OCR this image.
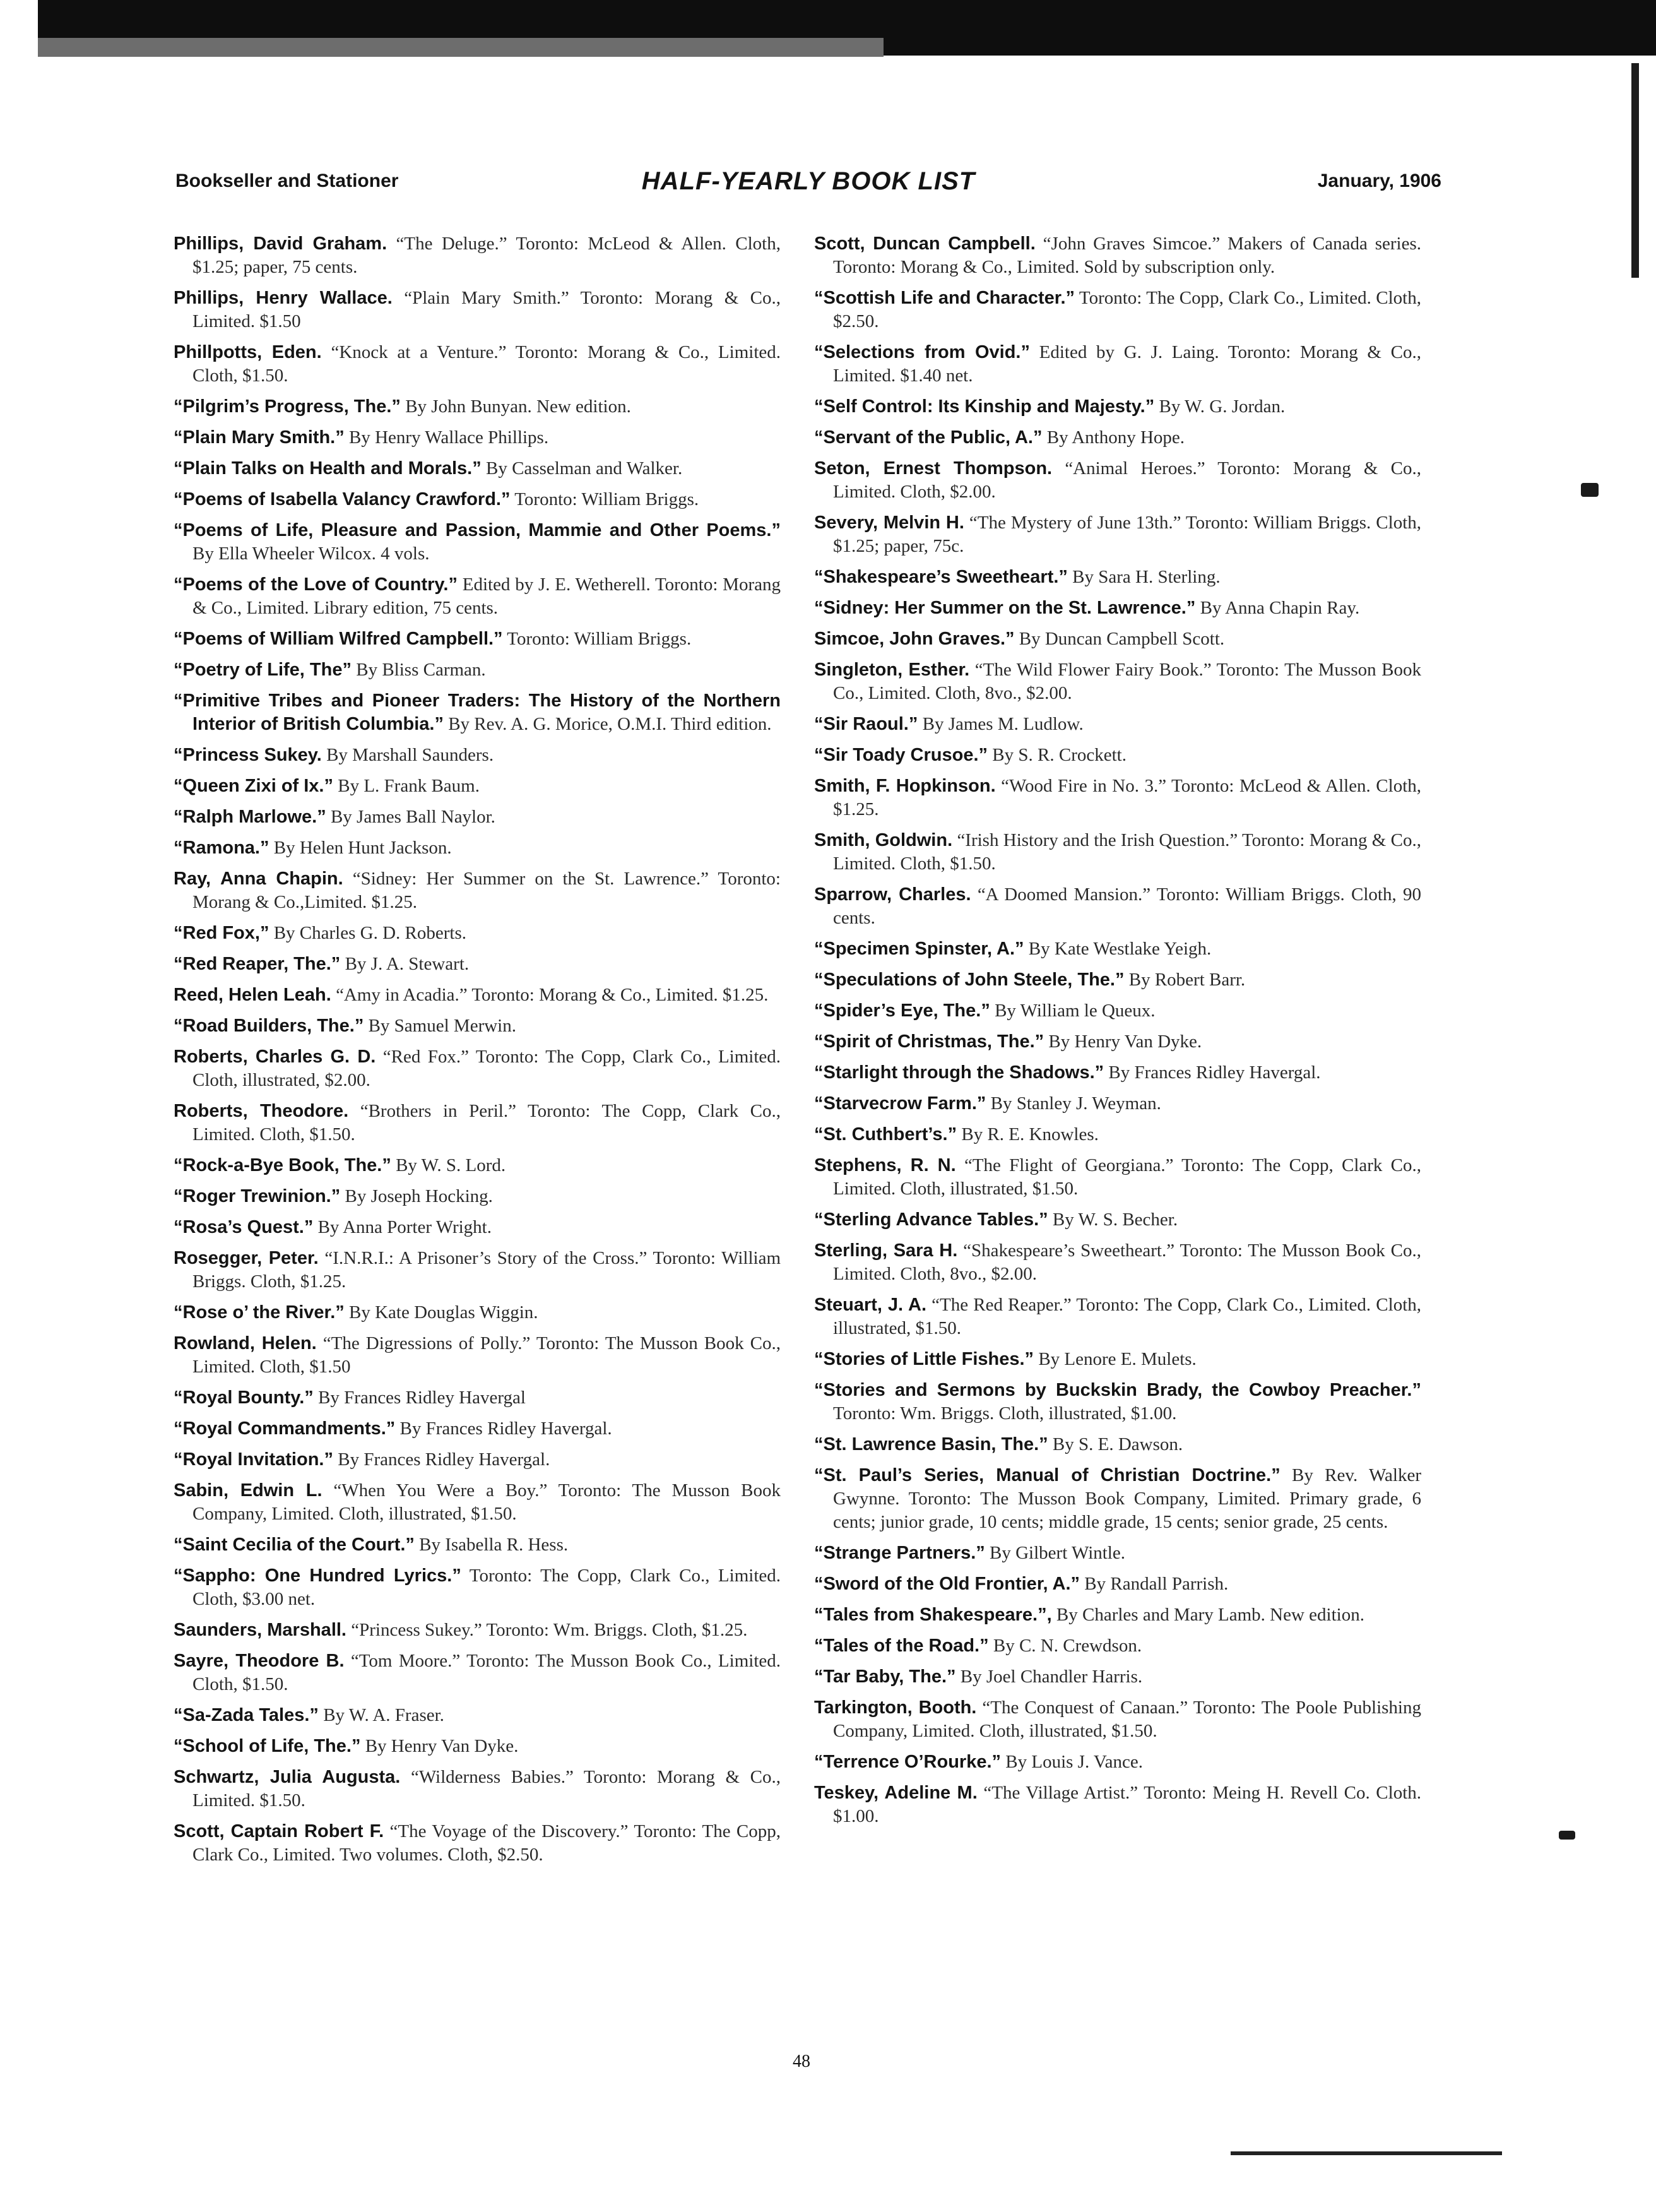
Bookseller and Stationer	HALF-YEARLY BOOK LIST	January, 1906

Phillips, David Graham. “The Deluge.” Toronto: McLeod & Allen. Cloth, $1.25; paper, 75 cents.

Phillips, Henry Wallace. “Plain Mary Smith.” Toronto: Morang & Co., Limited. $1.50

Phillpotts, Eden. “Knock at a Venture.” Toronto: Morang & Co., Limited. Cloth, $1.50.

“Pilgrim’s Progress, The.” By John Bunyan. New edition.

“Plain Mary Smith.” By Henry Wallace Phillips.

“Plain Talks on Health and Morals.” By Casselman and Walker.

“Poems of Isabella Valancy Crawford.” Toronto: William Briggs.

“Poems of Life, Pleasure and Passion, Mammie and Other Poems.” By Ella Wheeler Wilcox. 4 vols.

“Poems of the Love of Country.” Edited by J. E. Wetherell. Toronto: Morang & Co., Limited. Library edition, 75 cents.

“Poems of William Wilfred Campbell.” Toronto: William Briggs.

“Poetry of Life, The” By Bliss Carman.

“Primitive Tribes and Pioneer Traders: The History of the Northern Interior of British Columbia.” By Rev. A. G. Morice, O.M.I. Third edition.

“Princess Sukey. By Marshall Saunders.

“Queen Zixi of Ix.” By L. Frank Baum.

“Ralph Marlowe.” By James Ball Naylor.

“Ramona.” By Helen Hunt Jackson.

Ray, Anna Chapin. “Sidney: Her Summer on the St. Lawrence.” Toronto: Morang & Co.,Limited. $1.25.

“Red Fox,” By Charles G. D. Roberts.

“Red Reaper, The.” By J. A. Stewart.

Reed, Helen Leah. “Amy in Acadia.” Toronto: Morang & Co., Limited. $1.25.

“Road Builders, The.” By Samuel Merwin.

Roberts, Charles G. D. “Red Fox.” Toronto: The Copp, Clark Co., Limited. Cloth, illustrated, $2.00.

Roberts, Theodore. “Brothers in Peril.” Toronto: The Copp, Clark Co., Limited. Cloth, $1.50.

“Rock-a-Bye Book, The.” By W. S. Lord.

“Roger Trewinion.” By Joseph Hocking.

“Rosa’s Quest.” By Anna Porter Wright.

Rosegger, Peter. “I.N.R.I.: A Prisoner’s Story of the Cross.” Toronto: William Briggs. Cloth, $1.25.

“Rose o’ the River.” By Kate Douglas Wiggin.

Rowland, Helen. “The Digressions of Polly.” Toronto: The Musson Book Co., Limited. Cloth, $1.50

“Royal Bounty.” By Frances Ridley Havergal

“Royal Commandments.” By Frances Ridley Havergal.

“Royal Invitation.” By Frances Ridley Havergal.

Sabin, Edwin L. “When You Were a Boy.” Toronto: The Musson Book Company, Limited. Cloth, illustrated, $1.50.

“Saint Cecilia of the Court.” By Isabella R. Hess.

“Sappho: One Hundred Lyrics.” Toronto: The Copp, Clark Co., Limited. Cloth, $3.00 net.

Saunders, Marshall. “Princess Sukey.” Toronto: Wm. Briggs. Cloth, $1.25.

Sayre, Theodore B. “Tom Moore.” Toronto: The Musson Book Co., Limited. Cloth, $1.50.

“Sa-Zada Tales.” By W. A. Fraser.

“School of Life, The.” By Henry Van Dyke.

Schwartz, Julia Augusta. “Wilderness Babies.” Toronto: Morang & Co., Limited. $1.50.

Scott, Captain Robert F. “The Voyage of the Discovery.” Toronto: The Copp, Clark Co., Limited. Two volumes. Cloth, $2.50.

Scott, Duncan Campbell. “John Graves Simcoe.” Makers of Canada series. Toronto: Morang & Co., Limited. Sold by subscription only.

“Scottish Life and Character.” Toronto: The Copp, Clark Co., Limited. Cloth, $2.50.

“Selections from Ovid.” Edited by G. J. Laing. Toronto: Morang & Co., Limited. $1.40 net.

“Self Control: Its Kinship and Majesty.” By W. G. Jordan.

“Servant of the Public, A.” By Anthony Hope.

Seton, Ernest Thompson. “Animal Heroes.” Toronto: Morang & Co., Limited. Cloth, $2.00.

Severy, Melvin H. “The Mystery of June 13th.” Toronto: William Briggs. Cloth, $1.25; paper, 75c.

“Shakespeare’s Sweetheart.” By Sara H. Sterling.

“Sidney: Her Summer on the St. Lawrence.” By Anna Chapin Ray.

Simcoe, John Graves.” By Duncan Campbell Scott.

Singleton, Esther. “The Wild Flower Fairy Book.” Toronto: The Musson Book Co., Limited. Cloth, 8vo., $2.00.

“Sir Raoul.” By James M. Ludlow.

“Sir Toady Crusoe.” By S. R. Crockett.

Smith, F. Hopkinson. “Wood Fire in No. 3.” Toronto: McLeod & Allen. Cloth, $1.25.

Smith, Goldwin. “Irish History and the Irish Question.” Toronto: Morang & Co., Limited. Cloth, $1.50.

Sparrow, Charles. “A Doomed Mansion.” Toronto: William Briggs. Cloth, 90 cents.

“Specimen Spinster, A.” By Kate Westlake Yeigh.

“Speculations of John Steele, The.” By Robert Barr.

“Spider’s Eye, The.” By William le Queux.

“Spirit of Christmas, The.” By Henry Van Dyke.

“Starlight through the Shadows.” By Frances Ridley Havergal.

“Starvecrow Farm.” By Stanley J. Weyman.

“St. Cuthbert’s.” By R. E. Knowles.

Stephens, R. N. “The Flight of Georgiana.” Toronto: The Copp, Clark Co., Limited. Cloth, illustrated, $1.50.

“Sterling Advance Tables.” By W. S. Becher.

Sterling, Sara H. “Shakespeare’s Sweetheart.” Toronto: The Musson Book Co., Limited. Cloth, 8vo., $2.00.

Steuart, J. A. “The Red Reaper.” Toronto: The Copp, Clark Co., Limited. Cloth, illustrated, $1.50.

“Stories of Little Fishes.” By Lenore E. Mulets.

“Stories and Sermons by Buckskin Brady, the Cowboy Preacher.” Toronto: Wm. Briggs. Cloth, illustrated, $1.00.

“St. Lawrence Basin, The.” By S. E. Dawson.

“St. Paul’s Series, Manual of Christian Doctrine.” By Rev. Walker Gwynne. Toronto: The Musson Book Company, Limited. Primary grade, 6 cents; junior grade, 10 cents; middle grade, 15 cents; senior grade, 25 cents.

“Strange Partners.” By Gilbert Wintle.

“Sword of the Old Frontier, A.” By Randall Parrish.

“Tales from Shakespeare.”, By Charles and Mary Lamb. New edition.

“Tales of the Road.” By C. N. Crewdson.

“Tar Baby, The.” By Joel Chandler Harris.

Tarkington, Booth. “The Conquest of Canaan.” Toronto: The Poole Publishing Company, Limited. Cloth, illustrated, $1.50.

“Terrence O’Rourke.” By Louis J. Vance.

Teskey, Adeline M. “The Village Artist.” Toronto: Meing H. Revell Co. Cloth. $1.00.

48
